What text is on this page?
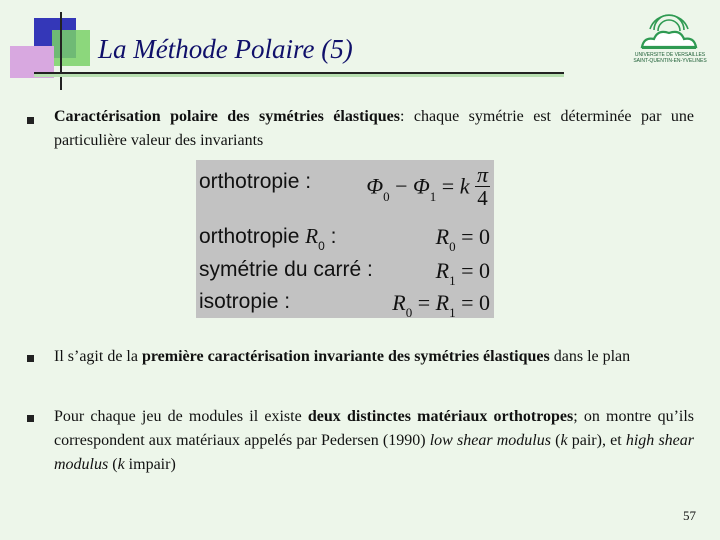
La Méthode Polaire (5)	UNIVERSITE DE VERSAILLES
SAINT-QUENTIN-EN-YVELINES

Caractérisation polaire des symétries élastiques: chaque symétrie est déterminée par une particulière valeur des invariants

orthotropie :	$\Phi_0 - \Phi_1 = k \frac{\pi}{4}$
orthotropie $R_0$ :	$R_0 = 0$
symétrie du carré :	$R_1 = 0$
isotropie :	$R_0 = R_1 = 0$

Il s’agit de la première caractérisation invariante des symétries élastiques dans le plan

Pour chaque jeu de modules il existe deux distinctes matériaux orthotropes; on montre qu’ils correspondent aux matériaux appelés par Pedersen (1990) low shear modulus (k pair), et high shear modulus (k impair)

57
